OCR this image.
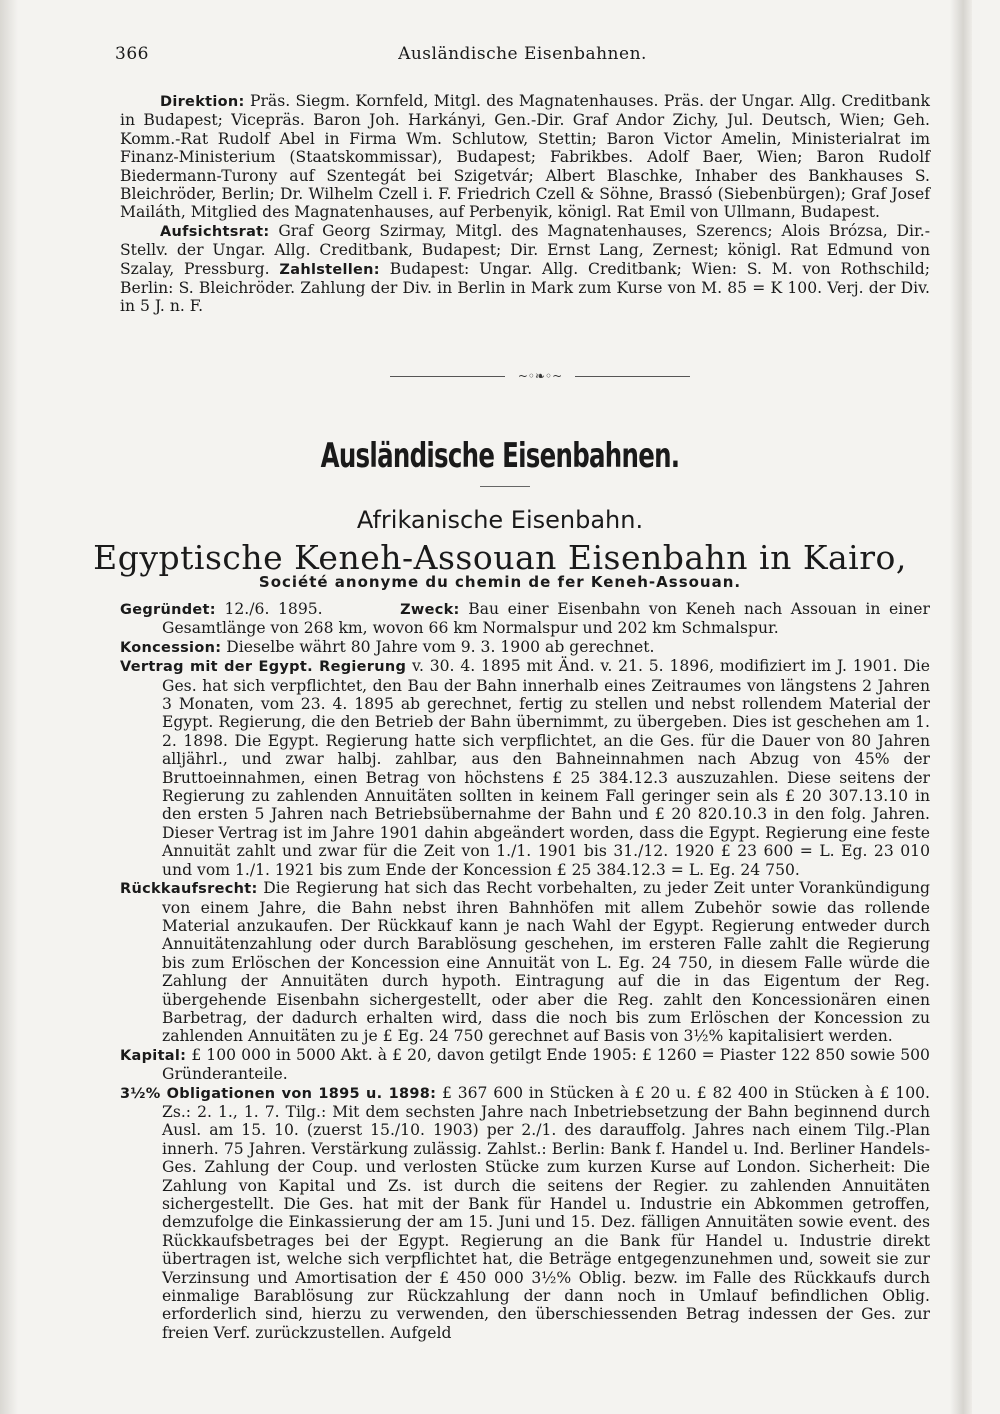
366	Ausländische Eisenbahnen.

Direktion: Präs. Siegm. Kornfeld, Mitgl. des Magnatenhauses. Präs. der Ungar. Allg. Creditbank in Budapest; Vicepräs. Baron Joh. Harkányi, Gen.-Dir. Graf Andor Zichy, Jul. Deutsch, Wien; Geh. Komm.-Rat Rudolf Abel in Firma Wm. Schlutow, Stettin; Baron Victor Amelin, Ministerialrat im Finanz-Ministerium (Staatskommissar), Budapest; Fabrikbes. Adolf Baer, Wien; Baron Rudolf Biedermann-Turony auf Szentegát bei Szigetvár; Albert Blaschke, Inhaber des Bankhauses S. Bleichröder, Berlin; Dr. Wilhelm Czell i. F. Friedrich Czell & Söhne, Brassó (Siebenbürgen); Graf Josef Mailáth, Mitglied des Magnatenhauses, auf Perbenyik, königl. Rat Emil von Ullmann, Budapest.

Aufsichtsrat: Graf Georg Szirmay, Mitgl. des Magnatenhauses, Szerencs; Alois Brózsa, Dir.-Stellv. der Ungar. Allg. Creditbank, Budapest; Dir. Ernst Lang, Zernest; königl. Rat Edmund von Szalay, Pressburg. Zahlstellen: Budapest: Ungar. Allg. Creditbank; Wien: S. M. von Rothschild; Berlin: S. Bleichröder. Zahlung der Div. in Berlin in Mark zum Kurse von M. 85 = K 100. Verj. der Div. in 5 J. n. F.

~◦❧◦~
Ausländische Eisenbahnen.
Afrikanische Eisenbahn.
Egyptische Keneh-Assouan Eisenbahn in Kairo,
Société anonyme du chemin de fer Keneh-Assouan.

Gegründet: 12./6. 1895.	Zweck: Bau einer Eisenbahn von Keneh nach Assouan in einer Gesamtlänge von 268 km, wovon 66 km Normalspur und 202 km Schmalspur.

Koncession: Dieselbe währt 80 Jahre vom 9. 3. 1900 ab gerechnet.

Vertrag mit der Egypt. Regierung v. 30. 4. 1895 mit Änd. v. 21. 5. 1896, modifiziert im J. 1901. Die Ges. hat sich verpflichtet, den Bau der Bahn innerhalb eines Zeitraumes von längstens 2 Jahren 3 Monaten, vom 23. 4. 1895 ab gerechnet, fertig zu stellen und nebst rollendem Material der Egypt. Regierung, die den Betrieb der Bahn übernimmt, zu übergeben. Dies ist geschehen am 1. 2. 1898. Die Egypt. Regierung hatte sich verpflichtet, an die Ges. für die Dauer von 80 Jahren alljährl., und zwar halbj. zahlbar, aus den Bahneinnahmen nach Abzug von 45% der Bruttoeinnahmen, einen Betrag von höchstens £ 25 384.12.3 auszuzahlen. Diese seitens der Regierung zu zahlenden Annuitäten sollten in keinem Fall geringer sein als £ 20 307.13.10 in den ersten 5 Jahren nach Betriebsübernahme der Bahn und £ 20 820.10.3 in den folg. Jahren. Dieser Vertrag ist im Jahre 1901 dahin abgeändert worden, dass die Egypt. Regierung eine feste Annuität zahlt und zwar für die Zeit von 1./1. 1901 bis 31./12. 1920 £ 23 600 = L. Eg. 23 010 und vom 1./1. 1921 bis zum Ende der Koncession £ 25 384.12.3 = L. Eg. 24 750.

Rückkaufsrecht: Die Regierung hat sich das Recht vorbehalten, zu jeder Zeit unter Vorankündigung von einem Jahre, die Bahn nebst ihren Bahnhöfen mit allem Zubehör sowie das rollende Material anzukaufen. Der Rückkauf kann je nach Wahl der Egypt. Regierung entweder durch Annuitätenzahlung oder durch Barablösung geschehen, im ersteren Falle zahlt die Regierung bis zum Erlöschen der Koncession eine Annuität von L. Eg. 24 750, in diesem Falle würde die Zahlung der Annuitäten durch hypoth. Eintragung auf die in das Eigentum der Reg. übergehende Eisenbahn sichergestellt, oder aber die Reg. zahlt den Koncessionären einen Barbetrag, der dadurch erhalten wird, dass die noch bis zum Erlöschen der Koncession zu zahlenden Annuitäten zu je £ Eg. 24 750 gerechnet auf Basis von 3½% kapitalisiert werden.

Kapital: £ 100 000 in 5000 Akt. à £ 20, davon getilgt Ende 1905: £ 1260 = Piaster 122 850 sowie 500 Gründeranteile.

3½% Obligationen von 1895 u. 1898: £ 367 600 in Stücken à £ 20 u. £ 82 400 in Stücken à £ 100. Zs.: 2. 1., 1. 7. Tilg.: Mit dem sechsten Jahre nach Inbetriebsetzung der Bahn beginnend durch Ausl. am 15. 10. (zuerst 15./10. 1903) per 2./1. des darauffolg. Jahres nach einem Tilg.-Plan innerh. 75 Jahren. Verstärkung zulässig. Zahlst.: Berlin: Bank f. Handel u. Ind. Berliner Handels-Ges. Zahlung der Coup. und verlosten Stücke zum kurzen Kurse auf London. Sicherheit: Die Zahlung von Kapital und Zs. ist durch die seitens der Regier. zu zahlenden Annuitäten sichergestellt. Die Ges. hat mit der Bank für Handel u. Industrie ein Abkommen getroffen, demzufolge die Einkassierung der am 15. Juni und 15. Dez. fälligen Annuitäten sowie event. des Rückkaufsbetrages bei der Egypt. Regierung an die Bank für Handel u. Industrie direkt übertragen ist, welche sich verpflichtet hat, die Beträge entgegenzunehmen und, soweit sie zur Verzinsung und Amortisation der £ 450 000 3½% Oblig. bezw. im Falle des Rückkaufs durch einmalige Barablösung zur Rückzahlung der dann noch in Umlauf befindlichen Oblig. erforderlich sind, hierzu zu verwenden, den überschiessenden Betrag indessen der Ges. zur freien Verf. zurückzustellen. Aufgeld
